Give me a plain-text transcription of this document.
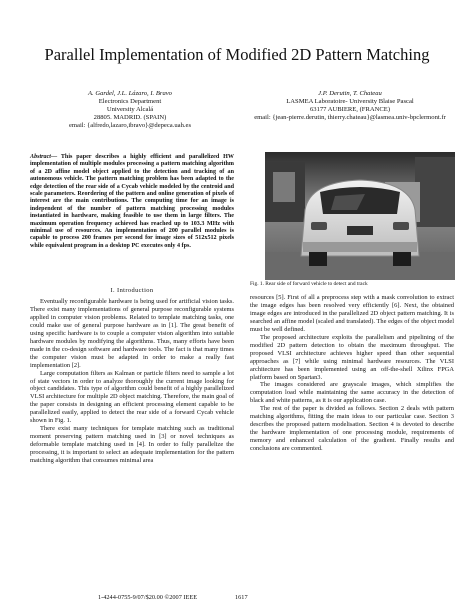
Parallel Implementation of Modified 2D Pattern Matching
A. Gardel, J.L. Lázaro, I. Bravo
Electronics Department
University Alcalá
28805. MADRID. (SPAIN)
email: {alfredo,lazaro,ibravo}@depeca.uah.es
J.P. Derutin, T. Chateau
LASMEA Laboratoire- University Blaise Pascal
63177 AUBIERE, (FRANCE)
email: {jean-pierre.derutin, thierry.chateau}@lasmea.univ-bpclermont.fr
Abstract— This paper describes a highly efficient and parallelized HW implementation of multiple modules processing a pattern matching algorithm of a 2D affine model object applied to the detection and tracking of an autonomous vehicle. The pattern matching problem has been adapted to the edge detection of the rear side of a Cycab vehicle modeled by the centroid and scale parameters. Reordering of the pattern and online generation of pixels of interest are the main contributions. The computing time for an image is independent of the number of pattern matching processing modules instantiated in hardware, making feasible to use them in large filters. The maximum operation frequency achieved has reached up to 103.3 MHz with minimal use of resources. An implementation of 200 parallel modules is capable to process 200 frames per second for image sizes of 512x512 pixels while equivalent program in a desktop PC executes only 4 fps.
I. Introduction

Eventually reconfigurable hardware is being used for artificial vision tasks. There exist many implementations of general purpose reconfigurable systems applied in computer vision problems. Related to template matching tasks, one could make use of general purpose hardware as in [1]. The great benefit of using specific hardware is to couple a computer vision algorithm into suitable hardware modules by modifying the algorithms. Thus, many efforts have been made in the co-design software and hardware tools. The fact is that many times the computer vision must be adapted in order to make a really fast implementation [2].

Large computation filters as Kalman or particle filters need to sample a lot of state vectors in order to analyze thoroughly the current image looking for object candidates. This type of algorithm could benefit of a highly parallelized VLSI architecture for multiple 2D object matching. Therefore, the main goal of the paper consists in designing an efficient processing element capable to be parallelized easily, applied to detect the rear side of a forward Cycab vehicle shown in Fig. 1.

There exist many techniques for template matching such as traditional moment preserving pattern matching used in [3] or novel techniques as deformable template matching used in [4]. In order to fully parallelize the processing, it is important to select an adequate implementation for the pattern matching algorithm that consumes minimal area

Fig. 1. Rear side of forward vehicle to detect and track

resources [5]. First of all a preprocess step with a mask convolution to extract the image edges has been resolved very efficiently [6]. Next, the obtained image edges are introduced in the parallelized 2D object pattern matching. It is searched an affine model (scaled and translated). The edges of the object model must be well defined.

The proposed architecture exploits the parallelism and pipelining of the modified 2D pattern detection to obtain the maximum throughput. The proposed VLSI architecture achieves higher speed than other sequential approaches as [7] while using minimal hardware resources. The VLSI architecture has been implemented using an off-the-shell Xilinx FPGA platform based on Spartan3.

The images considered are grayscale images, which simplifies the computation load while maintaining the same accuracy in the detection of black and white patterns, as it is our application case.

The rest of the paper is divided as follows. Section 2 deals with pattern matching algorithms, fitting the main ideas to our particular case. Section 3 describes the proposed pattern modelisation. Section 4 is devoted to describe the hardware implementation of one processing module, requirements of memory and enhanced calculation of the gradient. Finally results and conclusions are commented.

1-4244-0755-9/07/$20.00 ©2007 IEEE	1617
